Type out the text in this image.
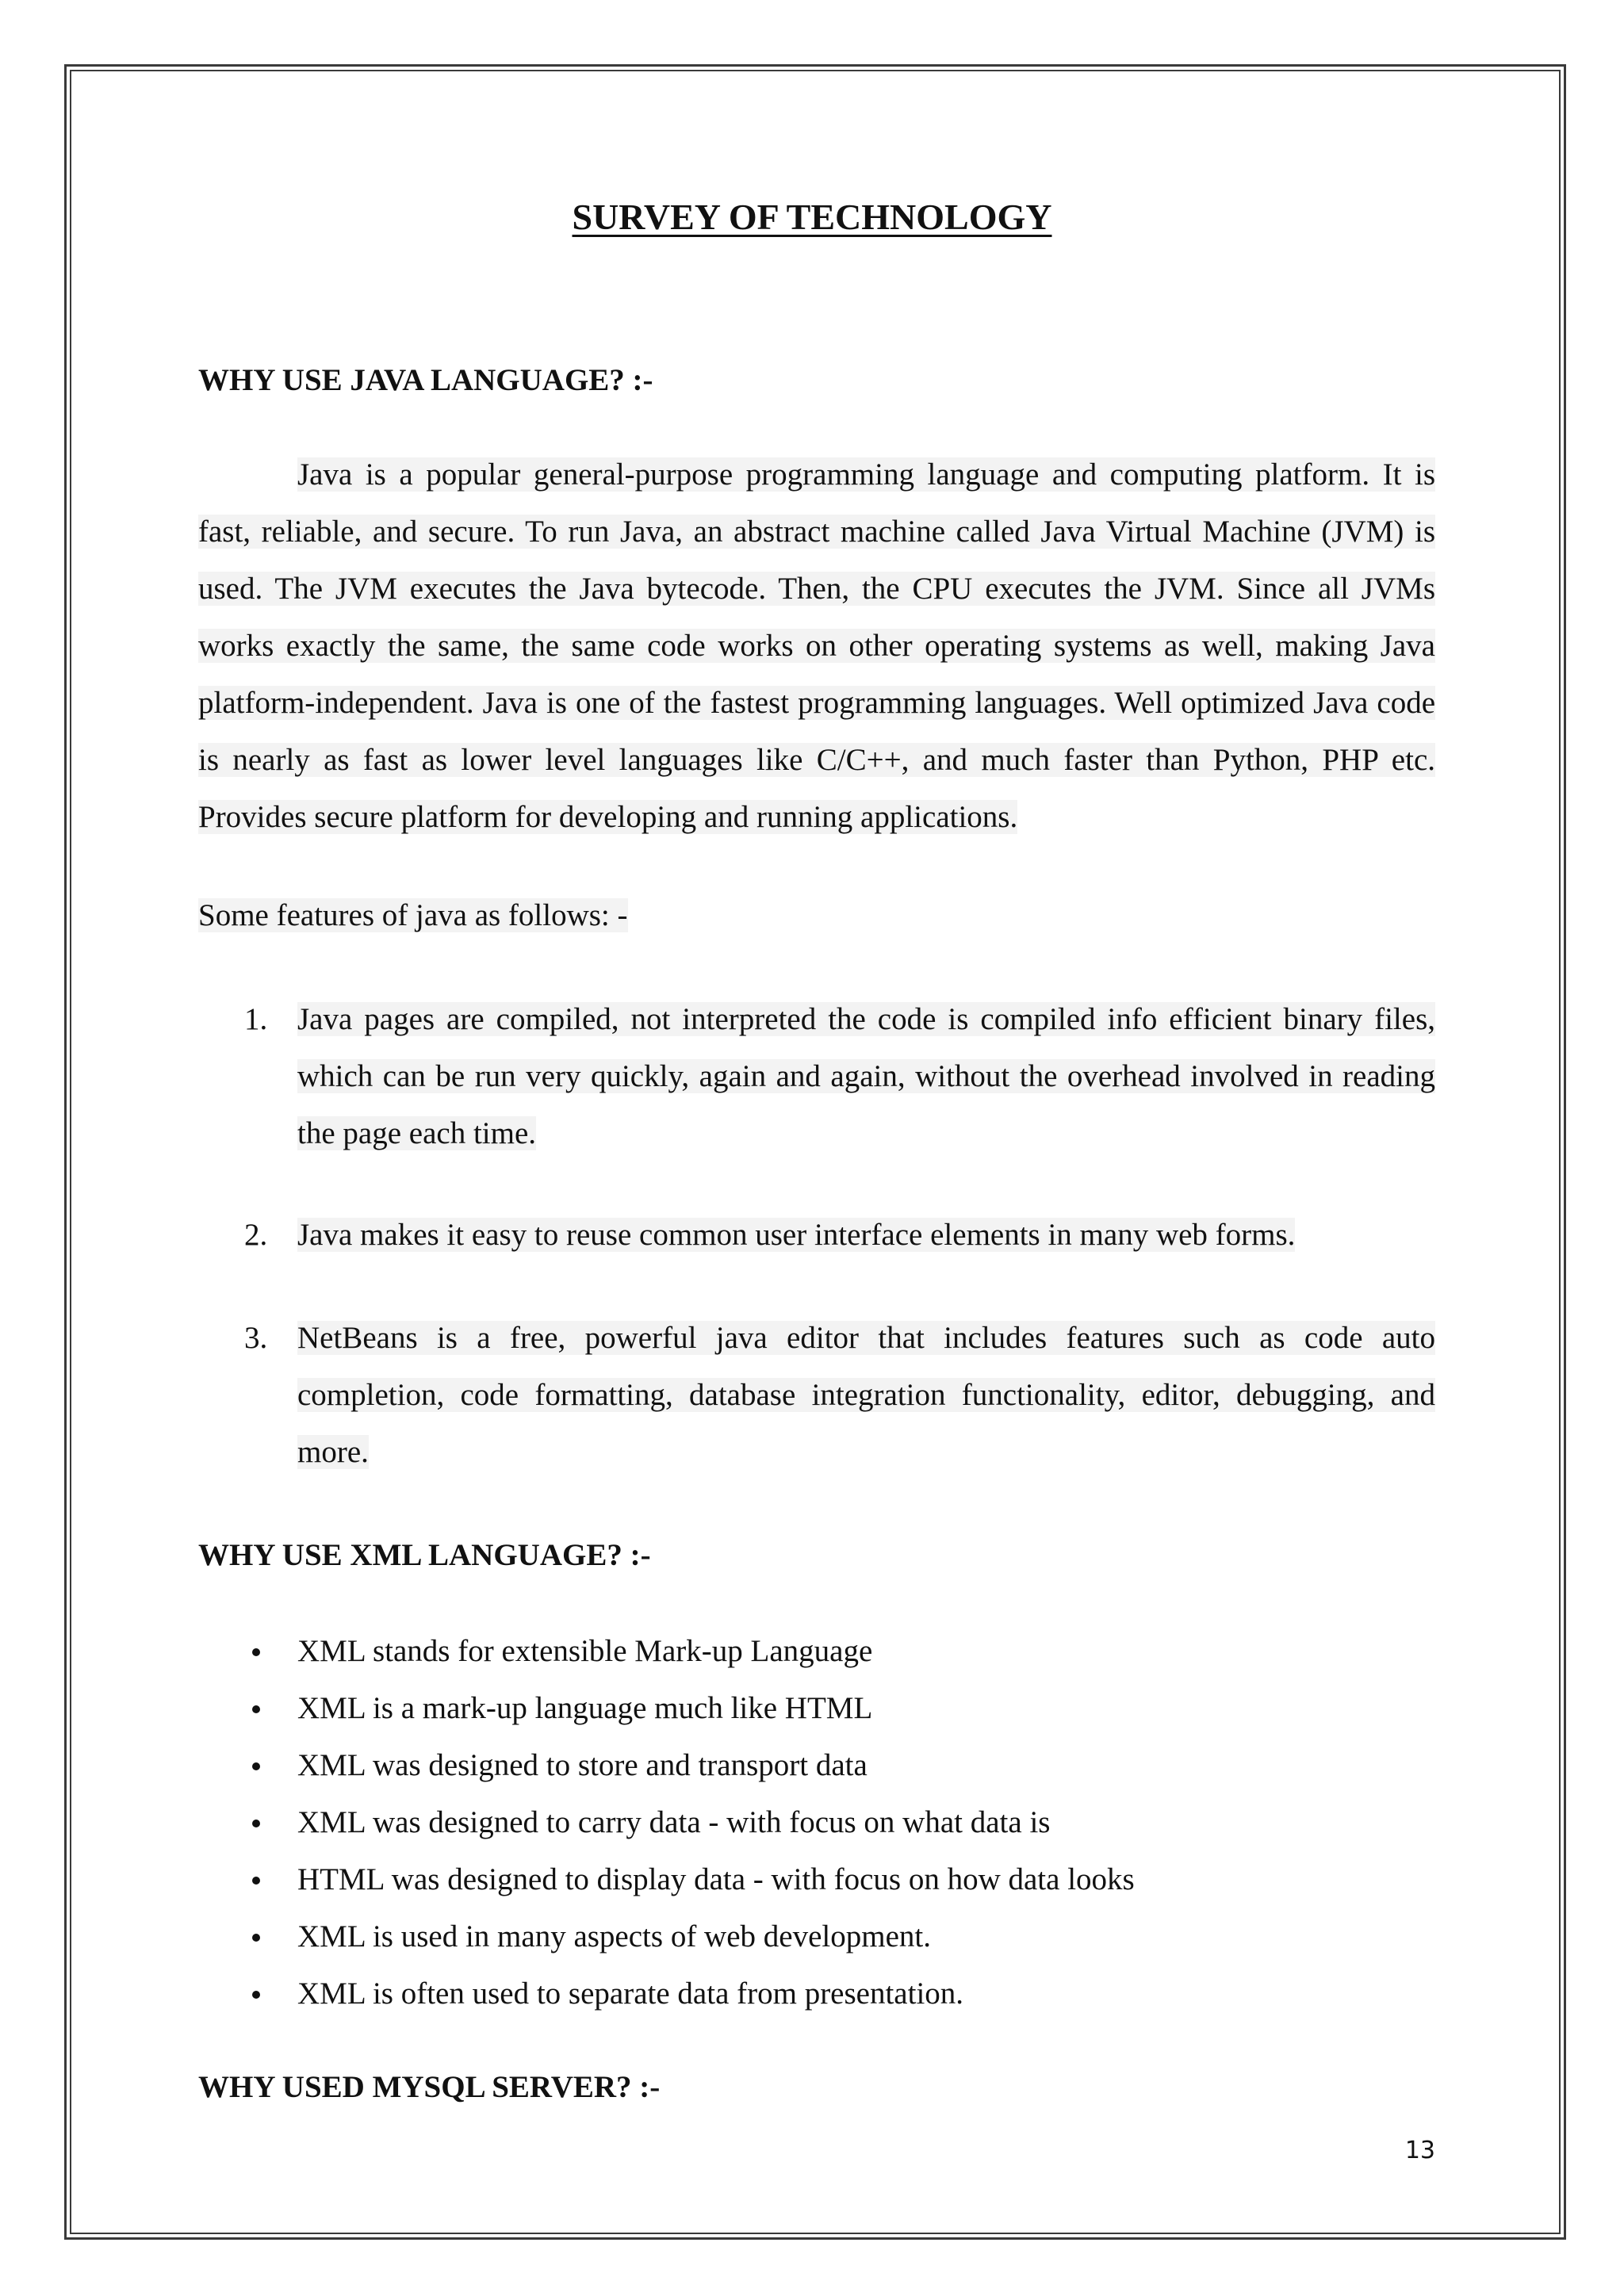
SURVEY OF TECHNOLOGY
WHY USE JAVA LANGUAGE? :-

Java is a popular general-purpose programming language and computing platform. It is fast, reliable, and secure. To run Java, an abstract machine called Java Virtual Machine (JVM) is used. The JVM executes the Java bytecode. Then, the CPU executes the JVM. Since all JVMs works exactly the same, the same code works on other operating systems as well, making Java platform-independent. Java is one of the fastest programming languages. Well optimized Java code is nearly as fast as lower level languages like C/C++, and much faster than Python, PHP etc. Provides secure platform for developing and running applications.

Some features of java as follows: -

1. Java pages are compiled, not interpreted the code is compiled info efficient binary files, which can be run very quickly, again and again, without the overhead involved in reading the page each time.
2. Java makes it easy to reuse common user interface elements in many web forms.
3. NetBeans is a free, powerful java editor that includes features such as code auto completion, code formatting, database integration functionality, editor, debugging, and more.
WHY USE XML LANGUAGE? :-
XML stands for extensible Mark-up Language
XML is a mark-up language much like HTML
XML was designed to store and transport data
XML was designed to carry data - with focus on what data is
HTML was designed to display data - with focus on how data looks
XML is used in many aspects of web development.
XML is often used to separate data from presentation.
WHY USED MYSQL SERVER? :-
13
